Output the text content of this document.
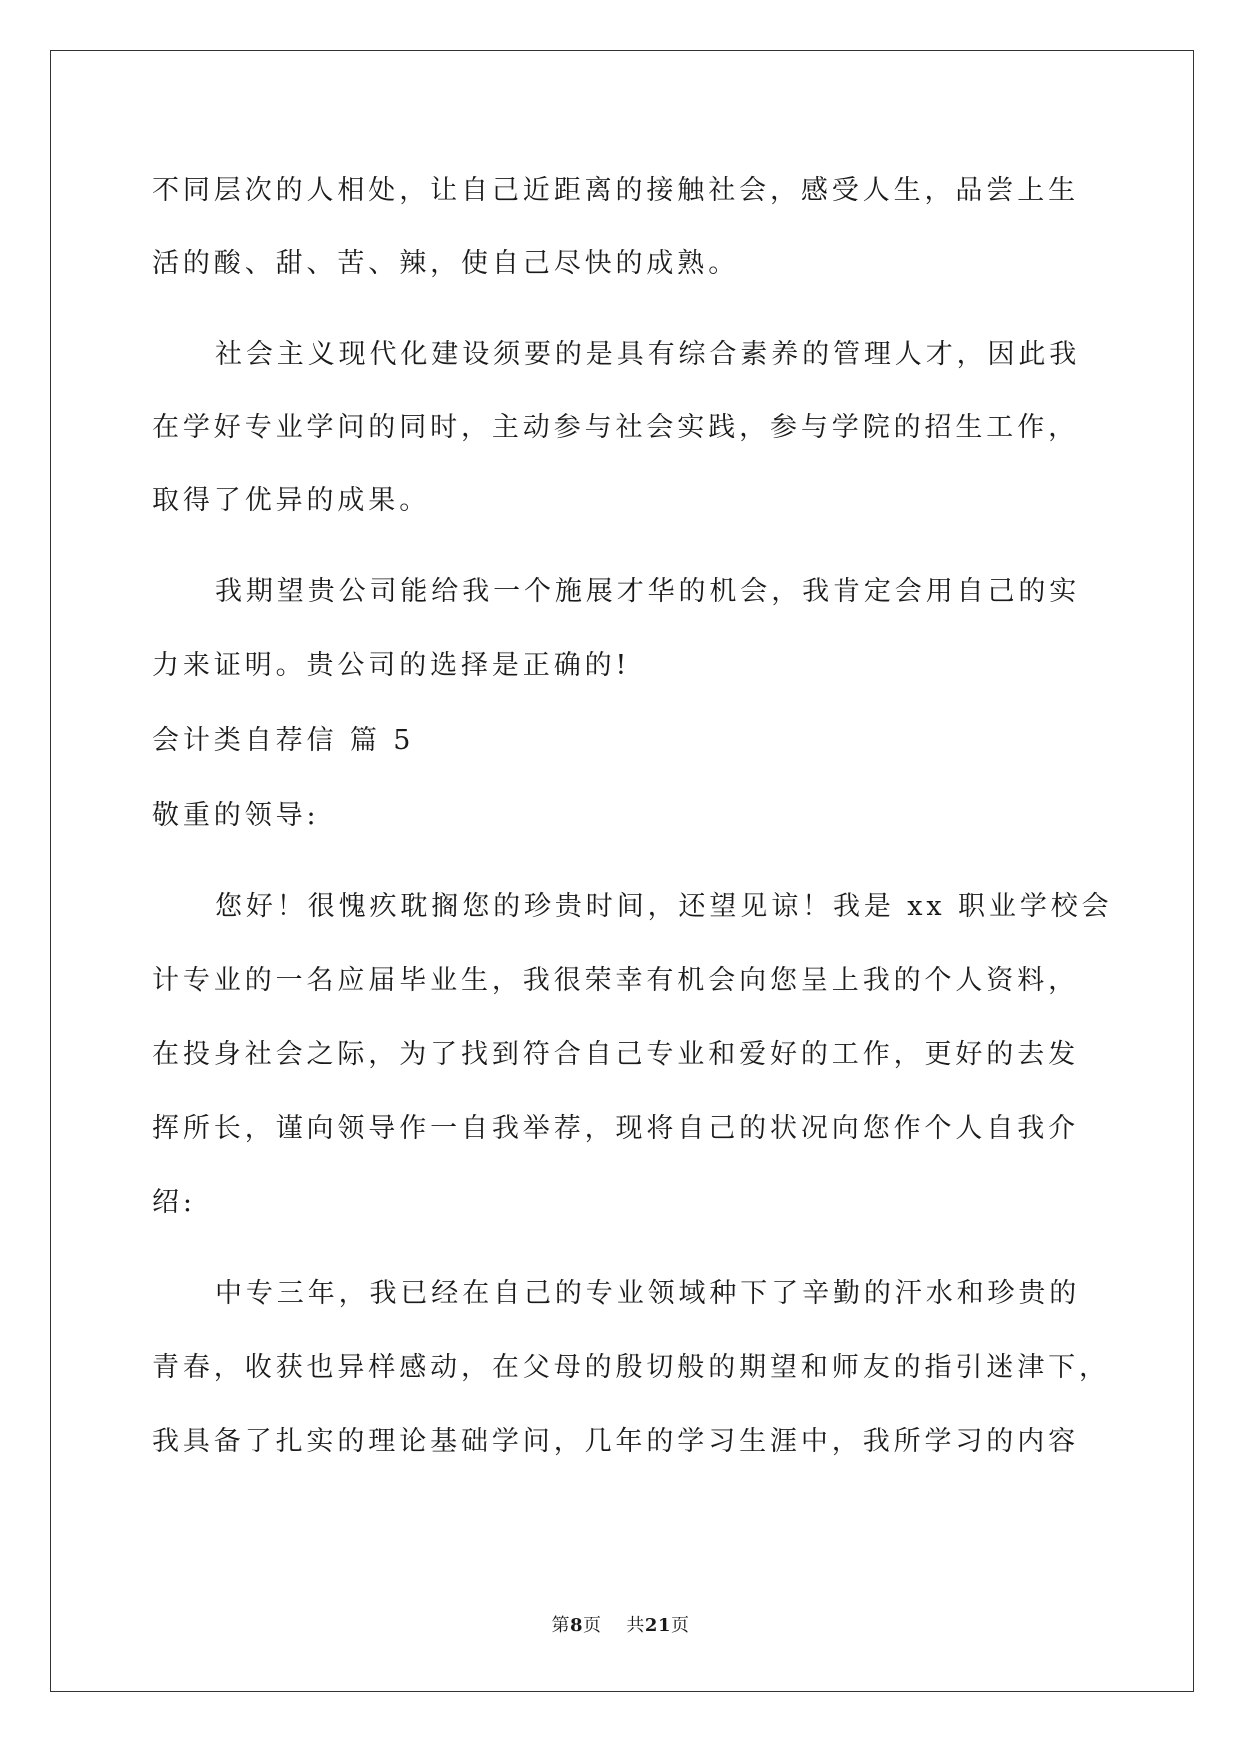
不同层次的人相处，让自己近距离的接触社会，感受人生，品尝上生
活的酸、甜、苦、辣，使自己尽快的成熟。
社会主义现代化建设须要的是具有综合素养的管理人才，因此我
在学好专业学问的同时，主动参与社会实践，参与学院的招生工作，
取得了优异的成果。
我期望贵公司能给我一个施展才华的机会，我肯定会用自己的实
力来证明。贵公司的选择是正确的!
会计类自荐信 篇 5
敬重的领导:
您好！很愧疚耽搁您的珍贵时间，还望见谅！我是 xx 职业学校会
计专业的一名应届毕业生，我很荣幸有机会向您呈上我的个人资料，
在投身社会之际，为了找到符合自己专业和爱好的工作，更好的去发
挥所长，谨向领导作一自我举荐，现将自己的状况向您作个人自我介
绍:
中专三年，我已经在自己的专业领域种下了辛勤的汗水和珍贵的
青春，收获也异样感动，在父母的殷切般的期望和师友的指引迷津下，
我具备了扎实的理论基础学问，几年的学习生涯中，我所学习的内容
第8页 共21页
